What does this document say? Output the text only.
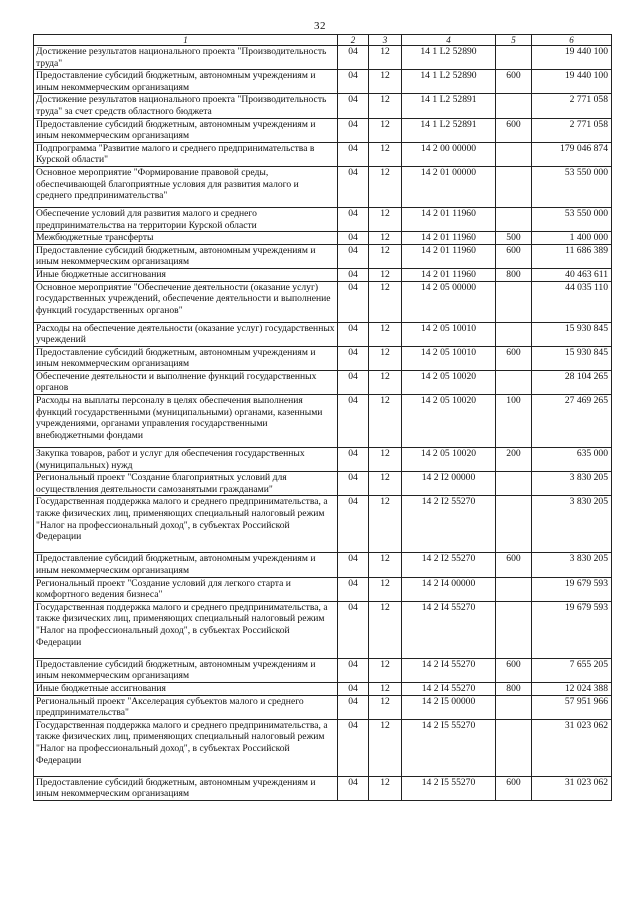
32
1	2	3	4	5	6
Достижение результатов национального проекта "Производительность труда"	04	12	14 1 L2 52890		19 440 100
Предоставление субсидий бюджетным, автономным учреждениям и иным некоммерческим организациям	04	12	14 1 L2 52890	600	19 440 100
Достижение результатов национального проекта "Производительность труда" за счет средств областного бюджета	04	12	14 1 L2 52891		2 771 058
Предоставление субсидий бюджетным, автономным учреждениям и иным некоммерческим организациям	04	12	14 1 L2 52891	600	2 771 058
Подпрограмма "Развитие малого и среднего предпринимательства в Курской области"	04	12	14 2 00 00000		179 046 874
Основное мероприятие "Формирование правовой среды, обеспечивающей благоприятные условия для развития малого и среднего предпринимательства"	04	12	14 2 01 00000		53 550 000
Обеспечение условий для развития малого и среднего предпринимательства на территории Курской области	04	12	14 2 01 11960		53 550 000
Межбюджетные трансферты	04	12	14 2 01 11960	500	1 400 000
Предоставление субсидий бюджетным, автономным учреждениям и иным некоммерческим организациям	04	12	14 2 01 11960	600	11 686 389
Иные бюджетные ассигнования	04	12	14 2 01 11960	800	40 463 611
Основное мероприятие "Обеспечение деятельности (оказание услуг) государственных учреждений, обеспечение деятельности и выполнение функций государственных органов"	04	12	14 2 05 00000		44 035 110
Расходы на обеспечение деятельности (оказание услуг) государственных учреждений	04	12	14 2 05 10010		15 930 845
Предоставление субсидий бюджетным, автономным учреждениям и иным некоммерческим организациям	04	12	14 2 05 10010	600	15 930 845
Обеспечение деятельности и выполнение функций государственных органов	04	12	14 2 05 10020		28 104 265
Расходы на выплаты персоналу в целях обеспечения выполнения функций государственными (муниципальными) органами, казенными учреждениями, органами управления государственными внебюджетными фондами	04	12	14 2 05 10020	100	27 469 265
Закупка товаров, работ и услуг для обеспечения государственных (муниципальных) нужд	04	12	14 2 05 10020	200	635 000
Региональный проект "Создание благоприятных условий для осуществления деятельности самозанятыми гражданами"	04	12	14 2 I2 00000		3 830 205
Государственная поддержка малого и среднего предпринимательства, а также физических лиц, применяющих специальный налоговый режим "Налог на профессиональный доход", в субъектах Российской Федерации	04	12	14 2 I2 55270		3 830 205
Предоставление субсидий бюджетным, автономным учреждениям и иным некоммерческим организациям	04	12	14 2 I2 55270	600	3 830 205
Региональный проект "Создание условий для легкого старта и комфортного ведения бизнеса"	04	12	14 2 I4 00000		19 679 593
Государственная поддержка малого и среднего предпринимательства, а также физических лиц, применяющих специальный налоговый режим "Налог на профессиональный доход", в субъектах Российской Федерации	04	12	14 2 I4 55270		19 679 593
Предоставление субсидий бюджетным, автономным учреждениям и иным некоммерческим организациям	04	12	14 2 I4 55270	600	7 655 205
Иные бюджетные ассигнования	04	12	14 2 I4 55270	800	12 024 388
Региональный проект "Акселерация субъектов малого и среднего предпринимательства"	04	12	14 2 I5 00000		57 951 966
Государственная поддержка малого и среднего предпринимательства, а также физических лиц, применяющих специальный налоговый режим "Налог на профессиональный доход", в субъектах Российской Федерации	04	12	14 2 I5 55270		31 023 062
Предоставление субсидий бюджетным, автономным учреждениям и иным некоммерческим организациям	04	12	14 2 I5 55270	600	31 023 062
